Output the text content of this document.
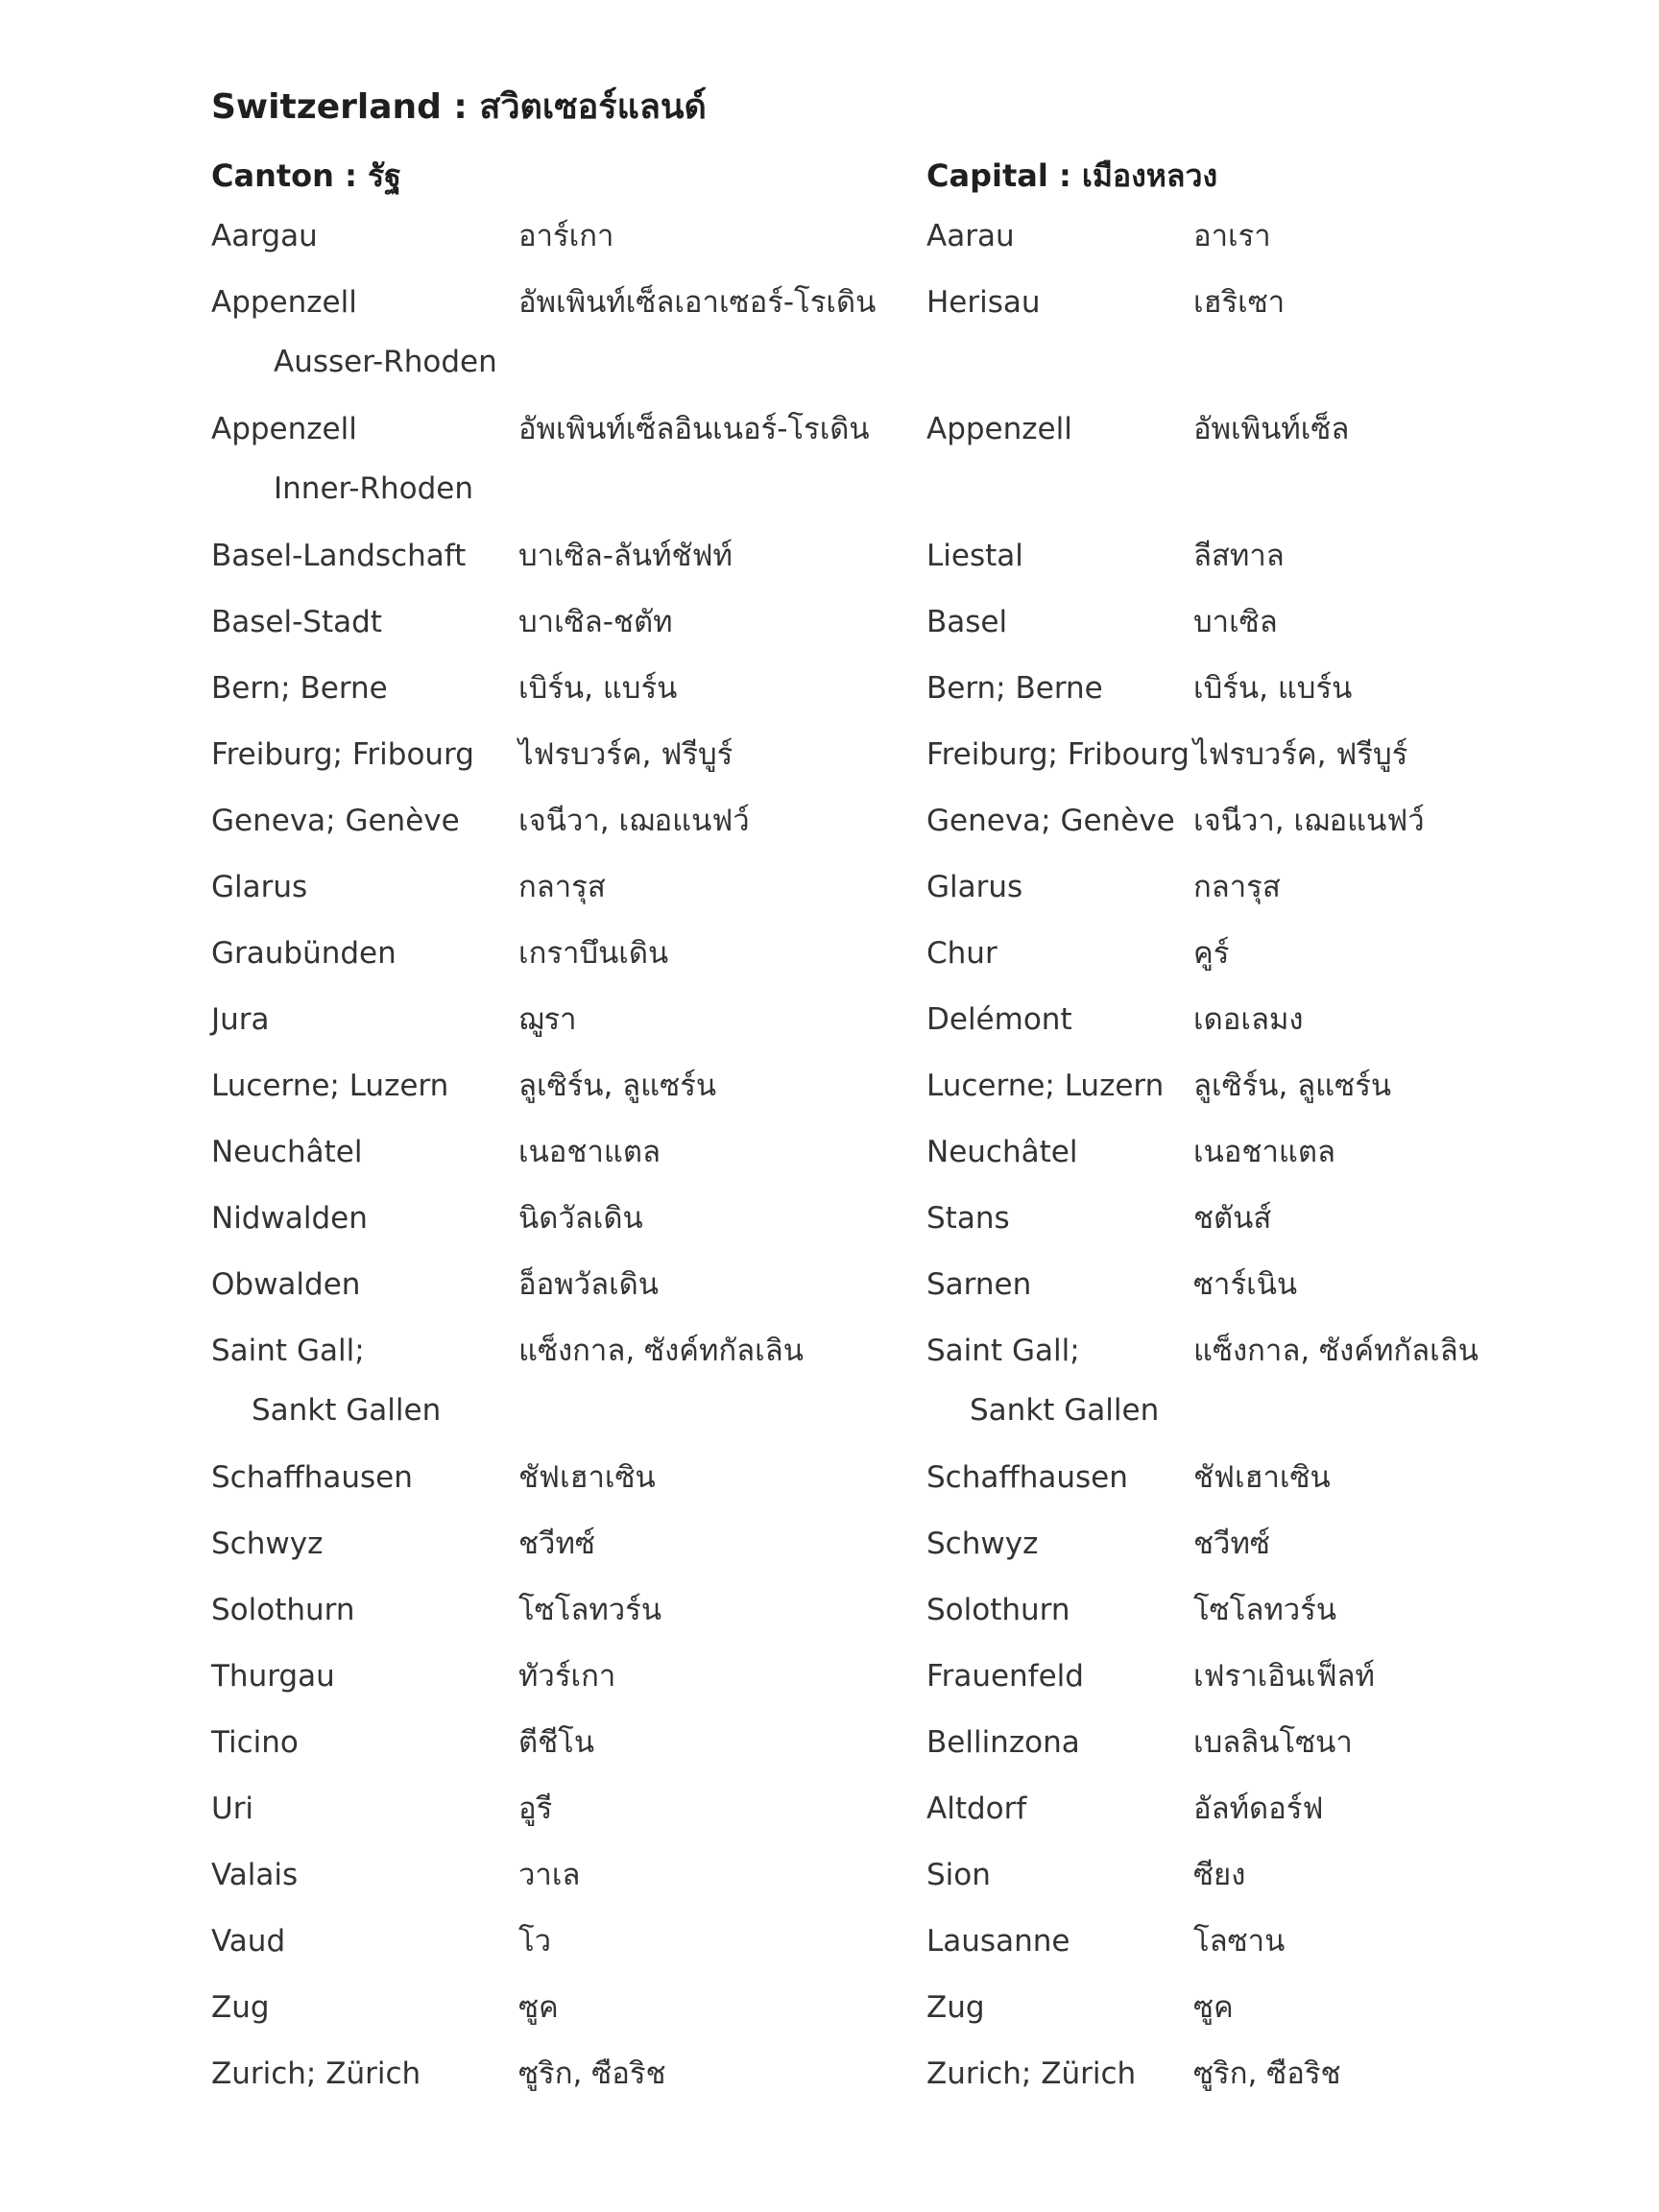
Switzerland : สวิตเซอร์แลนด์
Canton : รัฐ	Capital : เมืองหลวง
Aargau	อาร์เกา	Aarau	อาเรา
Appenzell	อัพเพินท์เซ็ลเอาเซอร์-โรเดิน Herisau	เฮริเซา
Ausser-Rhoden
Appenzell	อัพเพินท์เซ็ลอินเนอร์-โรเดิน Appenzell	อัพเพินท์เซ็ล
Inner-Rhoden
Basel-Landschaft บาเซิล-ลันท์ชัฟท์	Liestal	ลีสทาล
Basel-Stadt	บาเซิล-ชตัท	Basel	บาเซิล
Bern; Berne	เบิร์น, แบร์น	Bern; Berne	เบิร์น, แบร์น
Freiburg; Fribourg ไฟรบวร์ค, ฟรีบูร์	Freiburg; Fribourg ไฟรบวร์ค, ฟรีบูร์
Geneva; Genève เจนีวา, เฌอแนฟว์	Geneva; Genève เจนีวา, เฌอแนฟว์
Glarus	กลารุส	Glarus	กลารุส
Graubünden	เกราบึนเดิน	Chur	คูร์
Jura	ฌูรา	Delémont	เดอเลมง
Lucerne; Luzern ลูเซิร์น, ลูแซร์น	Lucerne; Luzern ลูเซิร์น, ลูแซร์น
Neuchâtel	เนอชาแตล	Neuchâtel	เนอชาแตล
Nidwalden	นิดวัลเดิน	Stans	ชตันส์
Obwalden	อ็อพวัลเดิน	Sarnen	ซาร์เนิน
Saint Gall;	แซ็งกาล, ซังค์ทกัลเลิน	Saint Gall;	แซ็งกาล, ซังค์ทกัลเลิน
Sankt Gallen	Sankt Gallen
Schaffhausen	ชัฟเฮาเซิน	Schaffhausen ชัฟเฮาเซิน
Schwyz	ชวีทซ์	Schwyz	ชวีทซ์
Solothurn	โซโลทวร์น	Solothurn	โซโลทวร์น
Thurgau	ทัวร์เกา	Frauenfeld	เฟราเอินเฟ็ลท์
Ticino	ตีชีโน	Bellinzona	เบลลินโซนา
Uri	อูรี	Altdorf	อัลท์ดอร์ฟ
Valais	วาเล	Sion	ซียง
Vaud	โว	Lausanne	โลซาน
Zug	ซูค	Zug	ซูค
Zurich; Zürich	ซูริก, ซือริช	Zurich; Zürich ซูริก, ซือริช
